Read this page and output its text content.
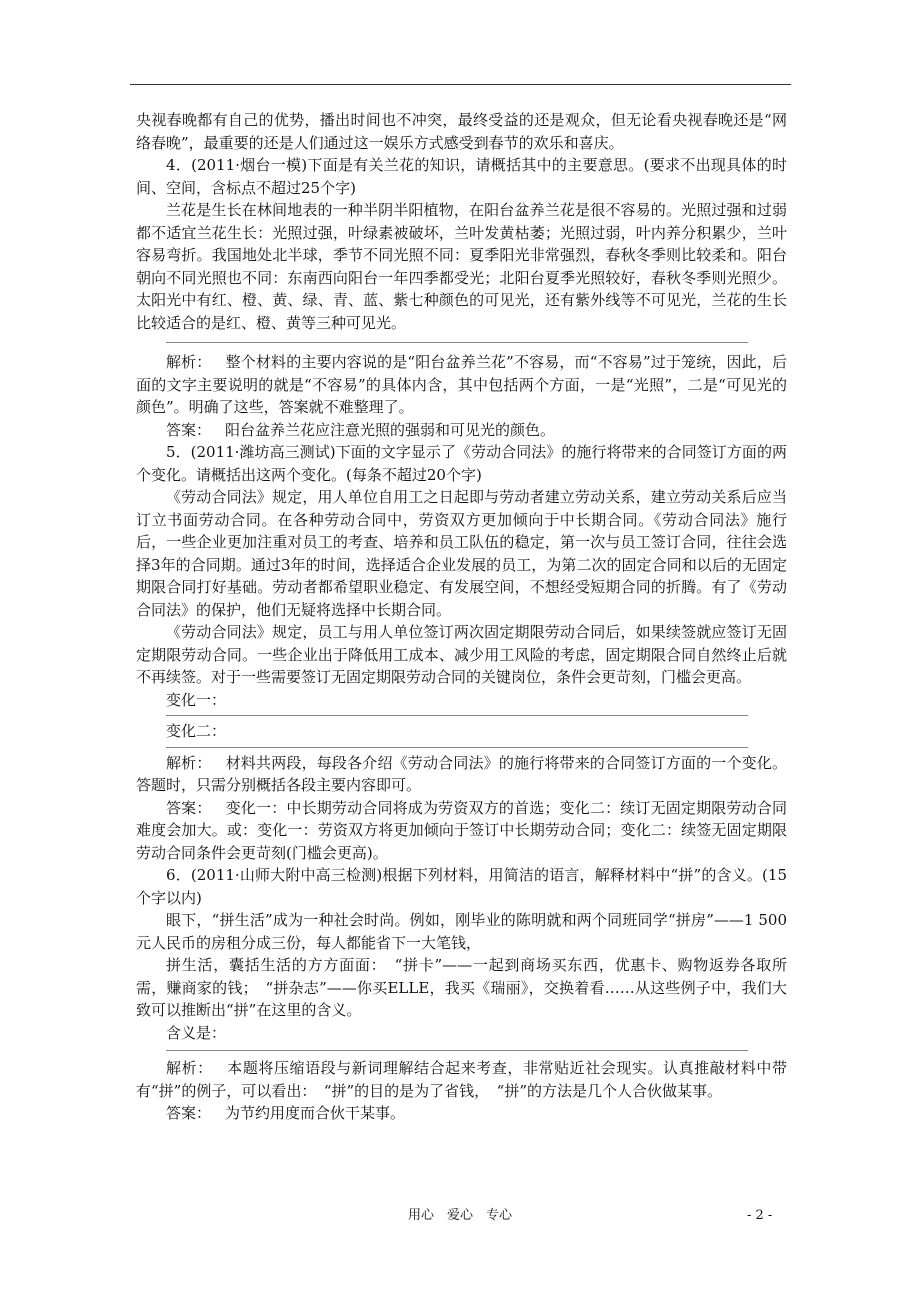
央视春晚都有自己的优势，播出时间也不冲突，最终受益的还是观众，但无论看央视春晚还是“网络春晚”，最重要的还是人们通过这一娱乐方式感受到春节的欢乐和喜庆。

4．(2011·烟台一模)下面是有关兰花的知识，请概括其中的主要意思。(要求不出现具体的时间、空间，含标点不超过25个字)

兰花是生长在林间地表的一种半阴半阳植物，在阳台盆养兰花是很不容易的。光照过强和过弱都不适宜兰花生长：光照过强，叶绿素被破坏，兰叶发黄枯萎；光照过弱，叶内养分积累少，兰叶容易弯折。我国地处北半球，季节不同光照不同：夏季阳光非常强烈，春秋冬季则比较柔和。阳台朝向不同光照也不同：东南西向阳台一年四季都受光；北阳台夏季光照较好，春秋冬季则光照少。太阳光中有红、橙、黄、绿、青、蓝、紫七种颜色的可见光，还有紫外线等不可见光，兰花的生长比较适合的是红、橙、黄等三种可见光。

解析： 整个材料的主要内容说的是“阳台盆养兰花”不容易，而“不容易”过于笼统，因此，后面的文字主要说明的就是“不容易”的具体内含，其中包括两个方面，一是“光照”，二是“可见光的颜色”。明确了这些，答案就不难整理了。

答案： 阳台盆养兰花应注意光照的强弱和可见光的颜色。

5．(2011·潍坊高三测试)下面的文字显示了《劳动合同法》的施行将带来的合同签订方面的两个变化。请概括出这两个变化。(每条不超过20个字)

《劳动合同法》规定，用人单位自用工之日起即与劳动者建立劳动关系，建立劳动关系后应当订立书面劳动合同。在各种劳动合同中，劳资双方更加倾向于中长期合同。《劳动合同法》施行后，一些企业更加注重对员工的考查、培养和员工队伍的稳定，第一次与员工签订合同，往往会选择3年的合同期。通过3年的时间，选择适合企业发展的员工，为第二次的固定合同和以后的无固定期限合同打好基础。劳动者都希望职业稳定、有发展空间，不想经受短期合同的折腾。有了《劳动合同法》的保护，他们无疑将选择中长期合同。

《劳动合同法》规定，员工与用人单位签订两次固定期限劳动合同后，如果续签就应签订无固定期限劳动合同。一些企业出于降低用工成本、减少用工风险的考虑，固定期限合同自然终止后就不再续签。对于一些需要签订无固定期限劳动合同的关键岗位，条件会更苛刻，门槛会更高。

变化一：

变化二：

解析： 材料共两段，每段各介绍《劳动合同法》的施行将带来的合同签订方面的一个变化。答题时，只需分别概括各段主要内容即可。

答案： 变化一：中长期劳动合同将成为劳资双方的首选；变化二：续订无固定期限劳动合同难度会加大。或：变化一：劳资双方将更加倾向于签订中长期劳动合同；变化二：续签无固定期限劳动合同条件会更苛刻(门槛会更高)。

6．(2011·山师大附中高三检测)根据下列材料，用简洁的语言，解释材料中“拼”的含义。(15个字以内)

眼下，“拼生活”成为一种社会时尚。例如，刚毕业的陈明就和两个同班同学“拼房”——1 500元人民币的房租分成三份，每人都能省下一大笔钱，

拼生活，囊括生活的方方面面：　“拼卡”——一起到商场买东西，优惠卡、购物返券各取所需，赚商家的钱；　“拼杂志”——你买ELLE，我买《瑞丽》，交换着看……从这些例子中，我们大致可以推断出“拼”在这里的含义。

含义是：

解析： 本题将压缩语段与新词理解结合起来考查，非常贴近社会现实。认真推敲材料中带有“拼”的例子，可以看出：　“拼”的目的是为了省钱，　“拼”的方法是几个人合伙做某事。

答案： 为节约用度而合伙干某事。

用心　爱心　专心	- 2 -
